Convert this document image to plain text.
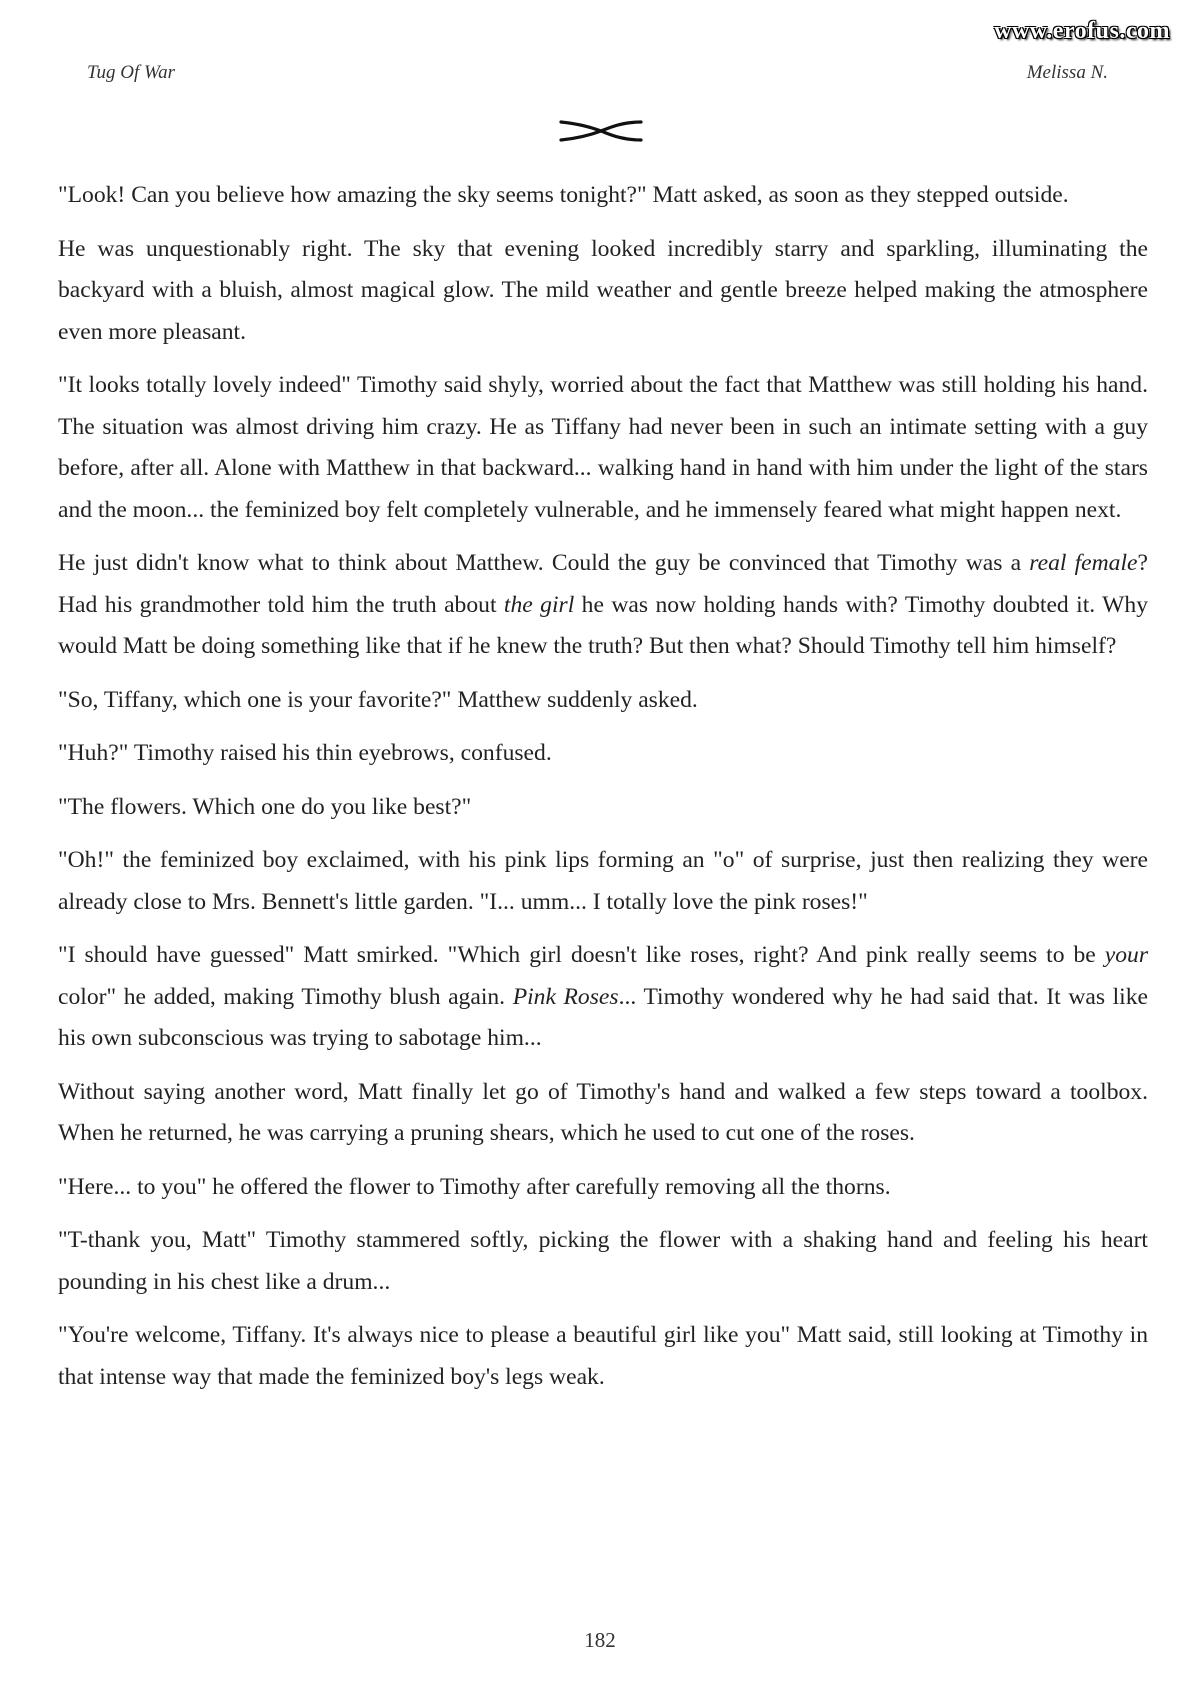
www.erofus.com
Tug Of War	Melissa N.

"Look! Can you believe how amazing the sky seems tonight?" Matt asked, as soon as they stepped outside.

He was unquestionably right. The sky that evening looked incredibly starry and sparkling, illuminating the backyard with a bluish, almost magical glow. The mild weather and gentle breeze helped making the atmosphere even more pleasant.

"It looks totally lovely indeed" Timothy said shyly, worried about the fact that Matthew was still holding his hand. The situation was almost driving him crazy. He as Tiffany had never been in such an intimate setting with a guy before, after all. Alone with Matthew in that backward... walking hand in hand with him under the light of the stars and the moon... the feminized boy felt completely vulnerable, and he immensely feared what might happen next.

He just didn't know what to think about Matthew. Could the guy be convinced that Timothy was a real female? Had his grandmother told him the truth about the girl he was now holding hands with? Timothy doubted it. Why would Matt be doing something like that if he knew the truth? But then what? Should Timothy tell him himself?

"So, Tiffany, which one is your favorite?" Matthew suddenly asked.

"Huh?" Timothy raised his thin eyebrows, confused.

"The flowers. Which one do you like best?"

"Oh!" the feminized boy exclaimed, with his pink lips forming an "o" of surprise, just then realizing they were already close to Mrs. Bennett's little garden. "I... umm... I totally love the pink roses!"

"I should have guessed" Matt smirked. "Which girl doesn't like roses, right? And pink really seems to be your color" he added, making Timothy blush again. Pink Roses... Timothy wondered why he had said that. It was like his own subconscious was trying to sabotage him...

Without saying another word, Matt finally let go of Timothy's hand and walked a few steps toward a toolbox. When he returned, he was carrying a pruning shears, which he used to cut one of the roses.

"Here... to you" he offered the flower to Timothy after carefully removing all the thorns.

"T-thank you, Matt" Timothy stammered softly, picking the flower with a shaking hand and feeling his heart pounding in his chest like a drum...

"You're welcome, Tiffany. It's always nice to please a beautiful girl like you" Matt said, still looking at Timothy in that intense way that made the feminized boy's legs weak.

182
